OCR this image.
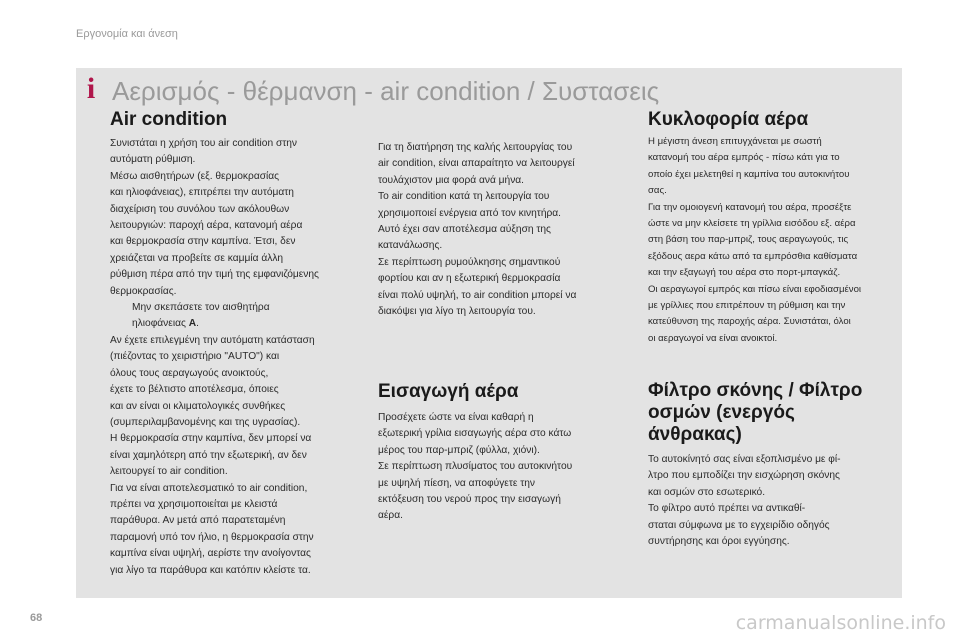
Εργονομία και άνεση
i Αερισμός - θέρμανση - air condition / Συστασεις
Air condition

Συνιστάται η χρήση του air condition στην

αυτόματη ρύθμιση.

Μέσω αισθητήρων (εξ. θερμοκρασίας

και ηλιοφάνειας), επιτρέπει την αυτόματη

διαχείριση του συνόλου των ακόλουθων

λειτουργιών: παροχή αέρα, κατανομή αέρα

και θερμοκρασία στην καμπίνα. Έτσι, δεν

χρειάζεται να προβείτε σε καμμία άλλη

ρύθμιση πέρα από την τιμή της εμφανιζόμενης

θερμοκρασίας.

Μην σκεπάσετε τον αισθητήρα

ηλιοφάνειας A.

Αν έχετε επιλεγμένη την αυτόματη κατάσταση

(πιέζοντας το χειριστήριο "AUTO") και

όλους τους αεραγωγούς ανοικτούς,

έχετε το βέλτιστο αποτέλεσμα, όποιες

και αν είναι οι κλιματολογικές συνθήκες

(συμπεριλαμβανομένης και της υγρασίας).

Η θερμοκρασία στην καμπίνα, δεν μπορεί να

είναι χαμηλότερη από την εξωτερική, αν δεν

λειτουργεί το air condition.

Για να είναι αποτελεσματικό το air condition,

πρέπει να χρησιμοποιείται με κλειστά

παράθυρα. Αν μετά από παρατεταμένη

παραμονή υπό τον ήλιο, η θερμοκρασία στην

καμπίνα είναι υψηλή, αερίστε την ανοίγοντας

για λίγο τα παράθυρα και κατόπιν κλείστε τα.

Για τη διατήρηση της καλής λειτουργίας του

air condition, είναι απαραίτητο να λειτουργεί

τουλάχιστον μια φορά ανά μήνα.

Το air condition κατά τη λειτουργία του

χρησιμοποιεί ενέργεια από τον κινητήρα.

Αυτό έχει σαν αποτέλεσμα αύξηση της

κατανάλωσης.

Σε περίπτωση ρυμούλκησης σημαντικού

φορτίου και αν η εξωτερική θερμοκρασία

είναι πολύ υψηλή, το air condition μπορεί να

διακόψει για λίγο τη λειτουργία του.

Εισαγωγή αέρα

Προσέχετε ώστε να είναι καθαρή η

εξωτερική γρίλια εισαγωγής αέρα στο κάτω

μέρος του παρ-μπριζ (φύλλα, χιόνι).

Σε περίπτωση πλυσίματος του αυτοκινήτου

με υψηλή πίεση, να αποφύγετε την

εκτόξευση του νερού προς την εισαγωγή

αέρα.

Κυκλοφορία αέρα

Η μέγιστη άνεση επιτυγχάνεται με σωστή

κατανομή του αέρα εμπρός - πίσω κάτι για το

οποίο έχει μελετηθεί η καμπίνα του αυτοκινήτου

σας.

Για την ομοιογενή κατανομή του αέρα, προσέξτε

ώστε να μην κλείσετε τη γρίλλια εισόδου εξ. αέρα

στη βάση του παρ-μπριζ, τους αεραγωγούς, τις

εξόδους αερα κάτω από τα εμπρόσθια καθίσματα

και την εξαγωγή του αέρα στο πορτ-μπαγκάζ.

Οι αεραγωγοί εμπρός και πίσω είναι εφοδιασμένοι

με γρίλλιες που επιτρέπουν τη ρύθμιση και την

κατεύθυνση της παροχής αέρα. Συνιστάται, όλοι

οι αεραγωγοί να είναι ανοικτοί.

Φίλτρο σκόνης / Φίλτρο
οσμών (ενεργός
άνθρακας)

Το αυτοκίνητό σας είναι εξοπλισμένο με φί-

λτρο που εμποδίζει την εισχώρηση σκόνης

και οσμών στο εσωτερικό.

Το φίλτρο αυτό πρέπει να αντικαθί-

σταται σύμφωνα με το εγχειρίδιο οδηγός

συντήρησης και όροι εγγύησης.

68	carmanualsonline.info
